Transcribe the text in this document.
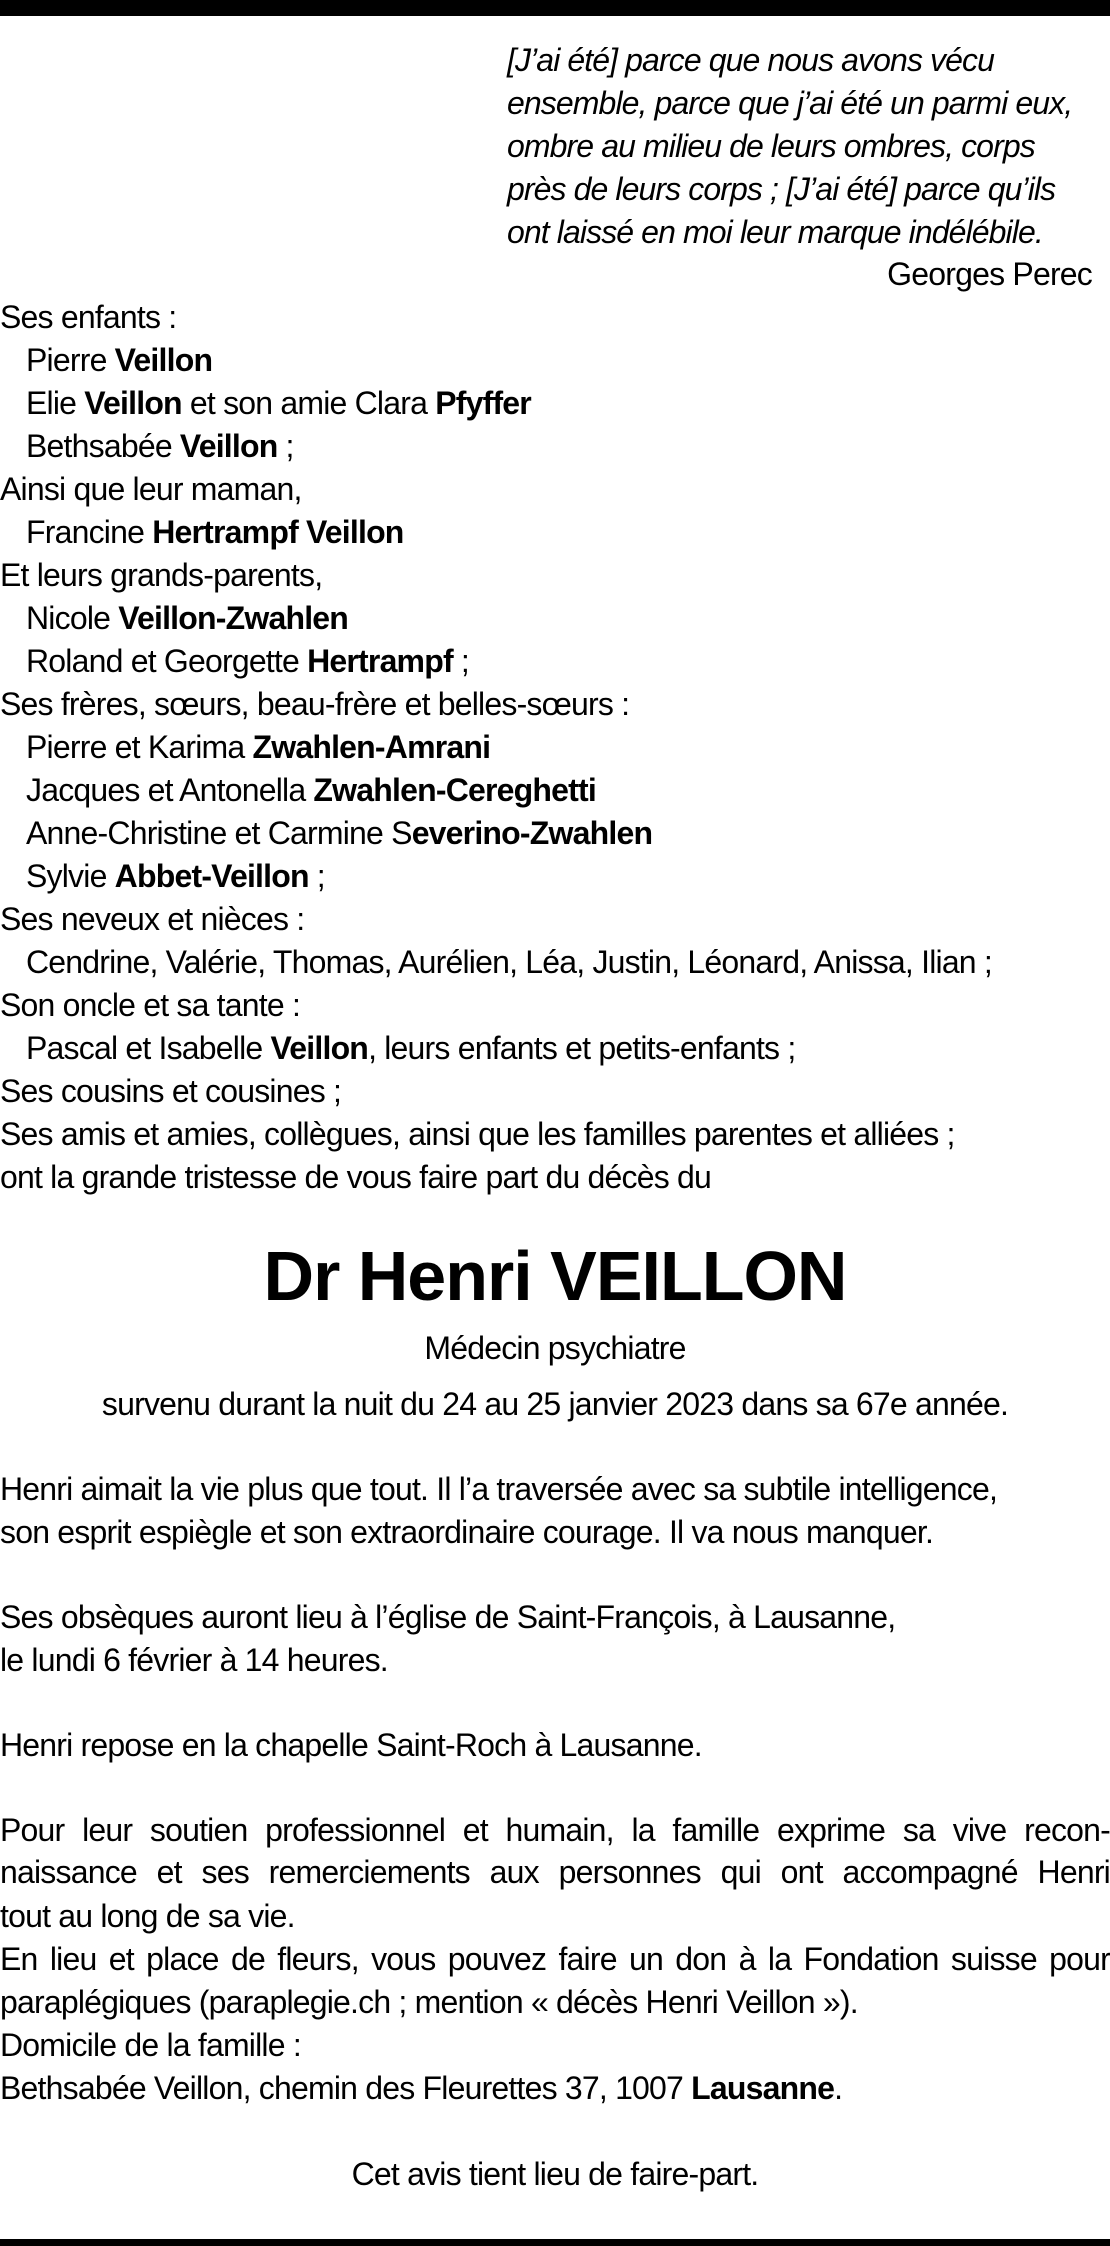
[J’ai été] parce que nous avons vécu
ensemble, parce que j’ai été un parmi eux,
ombre au milieu de leurs ombres, corps
près de leurs corps ; [J’ai été] parce qu’ils
ont laissé en moi leur marque indélébile.
Georges Perec
Ses enfants :
Pierre Veillon
Elie Veillon et son amie Clara Pfyffer
Bethsabée Veillon ;
Ainsi que leur maman,
Francine Hertrampf Veillon
Et leurs grands-parents,
Nicole Veillon-Zwahlen
Roland et Georgette Hertrampf ;
Ses frères, sœurs, beau-frère et belles-sœurs :
Pierre et Karima Zwahlen-Amrani
Jacques et Antonella Zwahlen-Cereghetti
Anne-Christine et Carmine Severino-Zwahlen
Sylvie Abbet-Veillon ;
Ses neveux et nièces :
Cendrine, Valérie, Thomas, Aurélien, Léa, Justin, Léonard, Anissa, Ilian ;
Son oncle et sa tante :
Pascal et Isabelle Veillon, leurs enfants et petits-enfants ;
Ses cousins et cousines ;
Ses amis et amies, collègues, ainsi que les familles parentes et alliées ;
ont la grande tristesse de vous faire part du décès du
Dr Henri VEILLON
Médecin psychiatre
survenu durant la nuit du 24 au 25 janvier 2023 dans sa 67e année.
Henri aimait la vie plus que tout. Il l’a traversée avec sa subtile intelligence,
son esprit espiègle et son extraordinaire courage. Il va nous manquer.
Ses obsèques auront lieu à l’église de Saint-François, à Lausanne,
le lundi 6 février à 14 heures.
Henri repose en la chapelle Saint-Roch à Lausanne.
Pour leur soutien professionnel et humain, la famille exprime sa vive recon-
naissance et ses remerciements aux personnes qui ont accompagné Henri
tout au long de sa vie.
En lieu et place de fleurs, vous pouvez faire un don à la Fondation suisse pour
paraplégiques (paraplegie.ch ; mention « décès Henri Veillon »).
Domicile de la famille :
Bethsabée Veillon, chemin des Fleurettes 37, 1007 Lausanne.
Cet avis tient lieu de faire-part.
